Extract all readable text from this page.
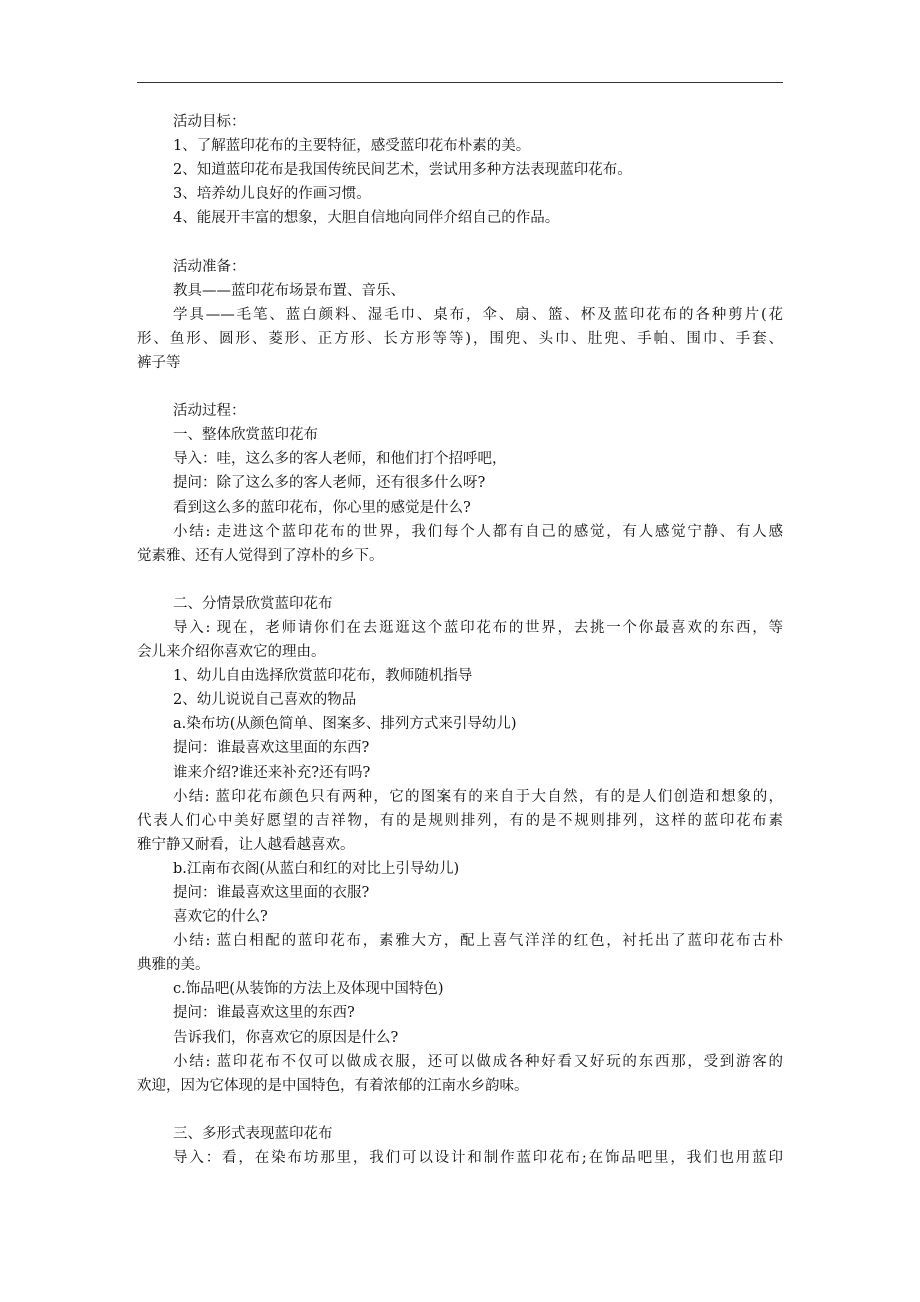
活动目标：
1、了解蓝印花布的主要特征，感受蓝印花布朴素的美。
2、知道蓝印花布是我国传统民间艺术，尝试用多种方法表现蓝印花布。
3、培养幼儿良好的作画习惯。
4、能展开丰富的想象，大胆自信地向同伴介绍自己的作品。
活动准备：
教具——蓝印花布场景布置、音乐、
学具——毛笔、蓝白颜料、湿毛巾、桌布，伞、扇、篮、杯及蓝印花布的各种剪片(花
形、鱼形、圆形、菱形、正方形、长方形等等)，围兜、头巾、肚兜、手帕、围巾、手套、
裤子等
活动过程：
一、整体欣赏蓝印花布
导入：哇，这么多的客人老师，和他们打个招呼吧，
提问：除了这么多的客人老师，还有很多什么呀?
看到这么多的蓝印花布，你心里的感觉是什么?
小结: 走进这个蓝印花布的世界，我们每个人都有自己的感觉，有人感觉宁静、有人感
觉素雅、还有人觉得到了淳朴的乡下。
二、分情景欣赏蓝印花布
导入: 现在，老师请你们在去逛逛这个蓝印花布的世界，去挑一个你最喜欢的东西，等
会儿来介绍你喜欢它的理由。
1、幼儿自由选择欣赏蓝印花布，教师随机指导
2、幼儿说说自己喜欢的物品
a.染布坊(从颜色简单、图案多、排列方式来引导幼儿)
提问：谁最喜欢这里面的东西?
谁来介绍?谁还来补充?还有吗?
小结: 蓝印花布颜色只有两种，它的图案有的来自于大自然，有的是人们创造和想象的，
代表人们心中美好愿望的吉祥物，有的是规则排列，有的是不规则排列，这样的蓝印花布素
雅宁静又耐看，让人越看越喜欢。
b.江南布衣阁(从蓝白和红的对比上引导幼儿)
提问：谁最喜欢这里面的衣服?
喜欢它的什么?
小结: 蓝白相配的蓝印花布，素雅大方，配上喜气洋洋的红色，衬托出了蓝印花布古朴
典雅的美。
c.饰品吧(从装饰的方法上及体现中国特色)
提问：谁最喜欢这里的东西?
告诉我们，你喜欢它的原因是什么?
小结: 蓝印花布不仅可以做成衣服，还可以做成各种好看又好玩的东西那，受到游客的
欢迎，因为它体现的是中国特色，有着浓郁的江南水乡韵味。
三、多形式表现蓝印花布
导入：看，在染布坊那里，我们可以设计和制作蓝印花布;在饰品吧里，我们也用蓝印
